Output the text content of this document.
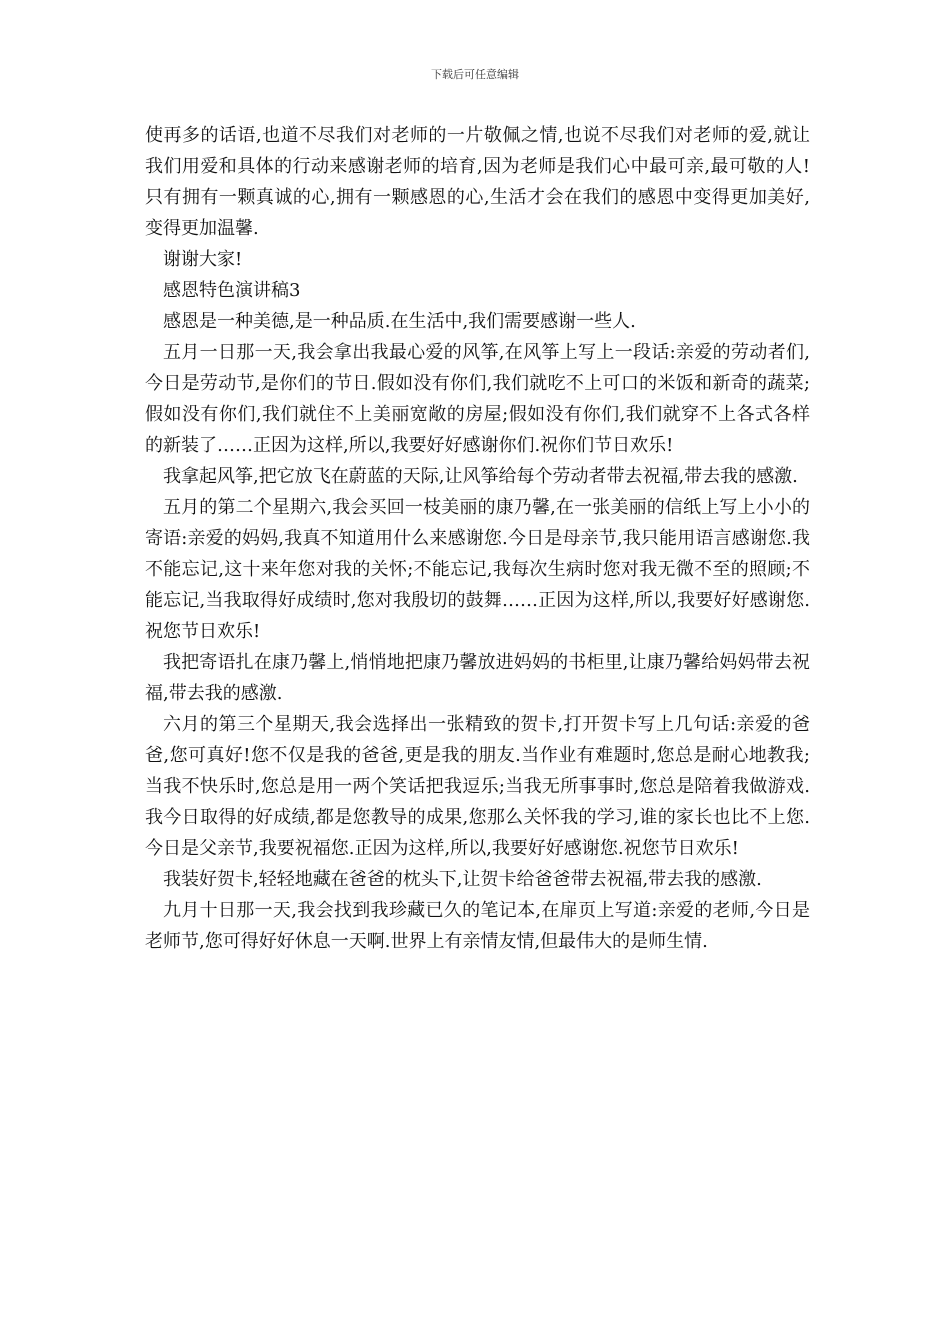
下载后可任意编辑

使再多的话语,也道不尽我们对老师的一片敬佩之情,也说不尽我们对老师的爱,就让我们用爱和具体的行动来感谢老师的培育,因为老师是我们心中最可亲,最可敬的人!只有拥有一颗真诚的心,拥有一颗感恩的心,生活才会在我们的感恩中变得更加美好,变得更加温馨.

谢谢大家!

感恩特色演讲稿3

感恩是一种美德,是一种品质.在生活中,我们需要感谢一些人.

五月一日那一天,我会拿出我最心爱的风筝,在风筝上写上一段话:亲爱的劳动者们,今日是劳动节,是你们的节日.假如没有你们,我们就吃不上可口的米饭和新奇的蔬菜;假如没有你们,我们就住不上美丽宽敞的房屋;假如没有你们,我们就穿不上各式各样的新装了……正因为这样,所以,我要好好感谢你们.祝你们节日欢乐!

我拿起风筝,把它放飞在蔚蓝的天际,让风筝给每个劳动者带去祝福,带去我的感激.

五月的第二个星期六,我会买回一枝美丽的康乃馨,在一张美丽的信纸上写上小小的寄语:亲爱的妈妈,我真不知道用什么来感谢您.今日是母亲节,我只能用语言感谢您.我不能忘记,这十来年您对我的关怀;不能忘记,我每次生病时您对我无微不至的照顾;不能忘记,当我取得好成绩时,您对我殷切的鼓舞……正因为这样,所以,我要好好感谢您.祝您节日欢乐!

我把寄语扎在康乃馨上,悄悄地把康乃馨放进妈妈的书柜里,让康乃馨给妈妈带去祝福,带去我的感激.

六月的第三个星期天,我会选择出一张精致的贺卡,打开贺卡写上几句话:亲爱的爸爸,您可真好!您不仅是我的爸爸,更是我的朋友.当作业有难题时,您总是耐心地教我;当我不快乐时,您总是用一两个笑话把我逗乐;当我无所事事时,您总是陪着我做游戏.我今日取得的好成绩,都是您教导的成果,您那么关怀我的学习,谁的家长也比不上您.今日是父亲节,我要祝福您.正因为这样,所以,我要好好感谢您.祝您节日欢乐!

我装好贺卡,轻轻地藏在爸爸的枕头下,让贺卡给爸爸带去祝福,带去我的感激.

九月十日那一天,我会找到我珍藏已久的笔记本,在扉页上写道:亲爱的老师,今日是老师节,您可得好好休息一天啊.世界上有亲情友情,但最伟大的是师生情.
